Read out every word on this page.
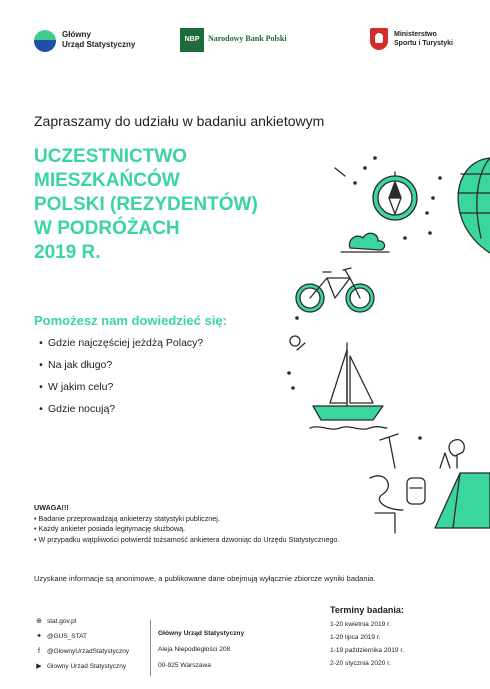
Główny
Urząd Statystyczny
NBP	Narodowy Bank Polski	Ministerstwo
Sportu i Turystyki
Zapraszamy do udziału w badaniu ankietowym
UCZESTNICTWO MIESZKAŃCÓW
POLSKI (REZYDENTÓW)
W PODRÓŻACH
2019 R.
Pomożesz nam dowiedzieć się:
• Gdzie najczęściej jeżdżą Polacy?
• Na jak długo?
• W jakim celu?
• Gdzie nocują?
UWAGA!!!
• Badanie przeprowadzają ankieterzy statystyki publicznej.
• Każdy ankieter posiada legitymację służbową.
• W przypadku wątpliwości potwierdź tożsamość ankietera dzwoniąc do Urzędu Statystycznego.
Uzyskane informacje są anonimowe, a publikowane dane obejmują wyłącznie zbiorcze wyniki badania.
⊕ stat.gov.pl
✦ @GUS_STAT
f @GlownyUrzadStatystyczny
▶ Glowny Urzad Statystyczny
Główny Urząd Statystyczny
Aleja Niepodległości 208
00-925 Warszawa
Terminy badania:
1-20 kwietnia 2019 r.
1-20 lipca 2019 r.
1-19 października 2019 r.
2-20 stycznia 2020 r.
